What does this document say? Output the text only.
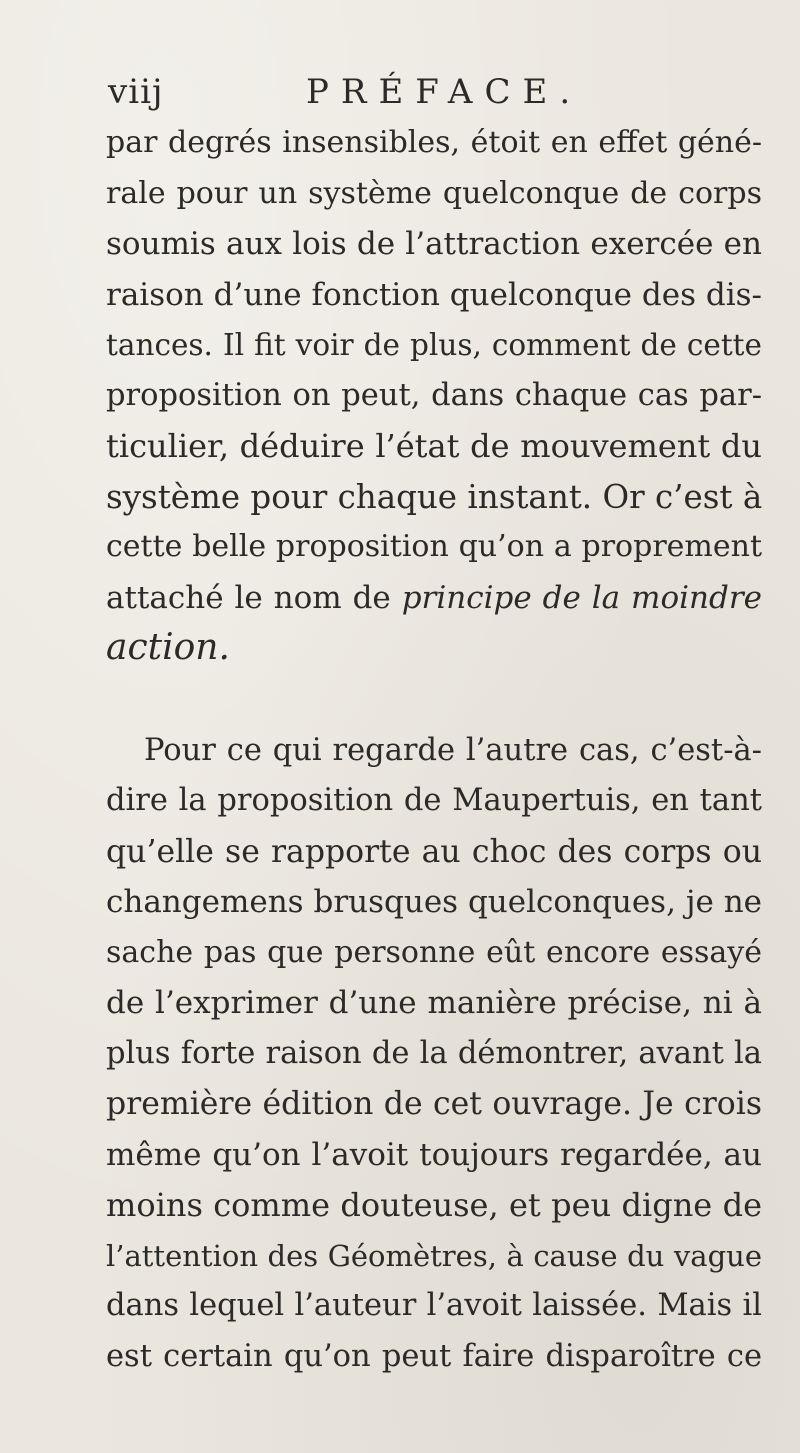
viij	PRÉFACE.
par degrés insensibles, étoit en effet géné-
rale pour un système quelconque de corps
soumis aux lois de l’attraction exercée en
raison d’une fonction quelconque des dis-
tances. Il fit voir de plus, comment de cette
proposition on peut, dans chaque cas par-
ticulier, déduire l’état de mouvement du
système pour chaque instant. Or c’est à
cette belle proposition qu’on a proprement
attaché le nom de principe de la moindre
action.
Pour ce qui regarde l’autre cas, c’est-à-
dire la proposition de Maupertuis, en tant
qu’elle se rapporte au choc des corps ou
changemens brusques quelconques, je ne
sache pas que personne eût encore essayé
de l’exprimer d’une manière précise, ni à
plus forte raison de la démontrer, avant la
première édition de cet ouvrage. Je crois
même qu’on l’avoit toujours regardée, au
moins comme douteuse, et peu digne de
l’attention des Géomètres, à cause du vague
dans lequel l’auteur l’avoit laissée. Mais il
est certain qu’on peut faire disparoître ce
